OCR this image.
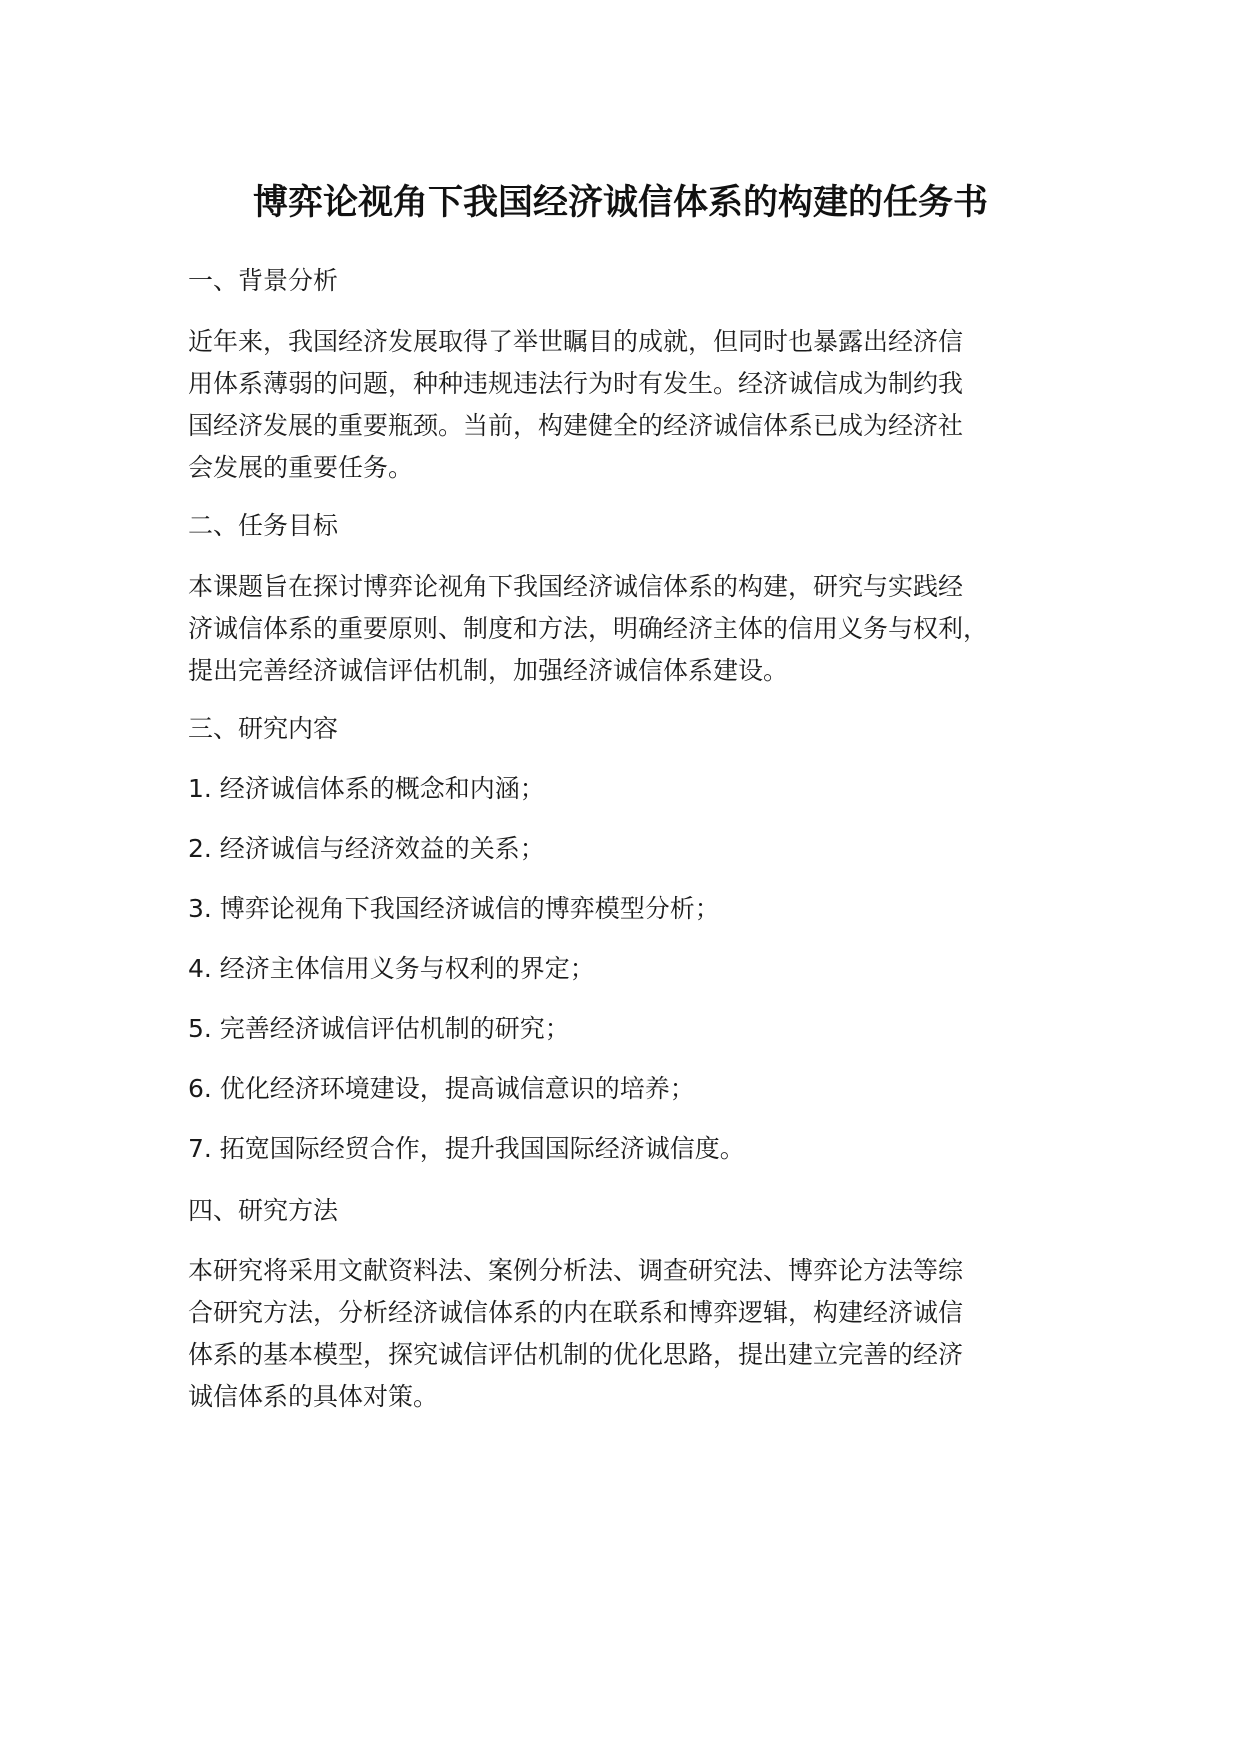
博弈论视角下我国经济诚信体系的构建的任务书
一、背景分析
近年来，我国经济发展取得了举世瞩目的成就，但同时也暴露出经济信
用体系薄弱的问题，种种违规违法行为时有发生。经济诚信成为制约我
国经济发展的重要瓶颈。当前，构建健全的经济诚信体系已成为经济社
会发展的重要任务。
二、任务目标
本课题旨在探讨博弈论视角下我国经济诚信体系的构建，研究与实践经
济诚信体系的重要原则、制度和方法，明确经济主体的信用义务与权利，
提出完善经济诚信评估机制，加强经济诚信体系建设。
三、研究内容
1. 经济诚信体系的概念和内涵；
2. 经济诚信与经济效益的关系；
3. 博弈论视角下我国经济诚信的博弈模型分析；
4. 经济主体信用义务与权利的界定；
5. 完善经济诚信评估机制的研究；
6. 优化经济环境建设，提高诚信意识的培养；
7. 拓宽国际经贸合作，提升我国国际经济诚信度。
四、研究方法
本研究将采用文献资料法、案例分析法、调查研究法、博弈论方法等综
合研究方法，分析经济诚信体系的内在联系和博弈逻辑，构建经济诚信
体系的基本模型，探究诚信评估机制的优化思路，提出建立完善的经济
诚信体系的具体对策。
